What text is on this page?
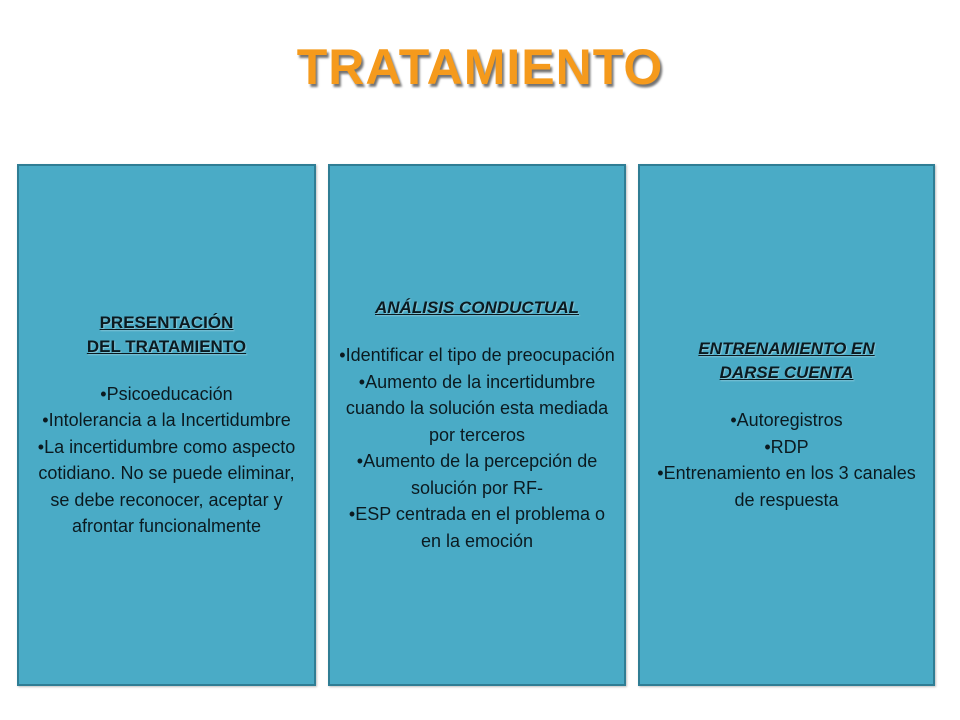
TRATAMIENTO
PRESENTACIÓN
DEL TRATAMIENTO
• Psicoeducación
• Intolerancia a la Incertidumbre
• La incertidumbre como aspecto cotidiano. No se puede eliminar, se debe reconocer, aceptar y afrontar funcionalmente
ANÁLISIS CONDUCTUAL
• Identificar el tipo de preocupación
• Aumento de la incertidumbre cuando la solución esta mediada por terceros
• Aumento de la percepción de solución por RF-
• ESP centrada en el problema o en la emoción
ENTRENAMIENTO EN
DARSE CUENTA
• Autoregistros
• RDP
• Entrenamiento en los 3 canales de respuesta
